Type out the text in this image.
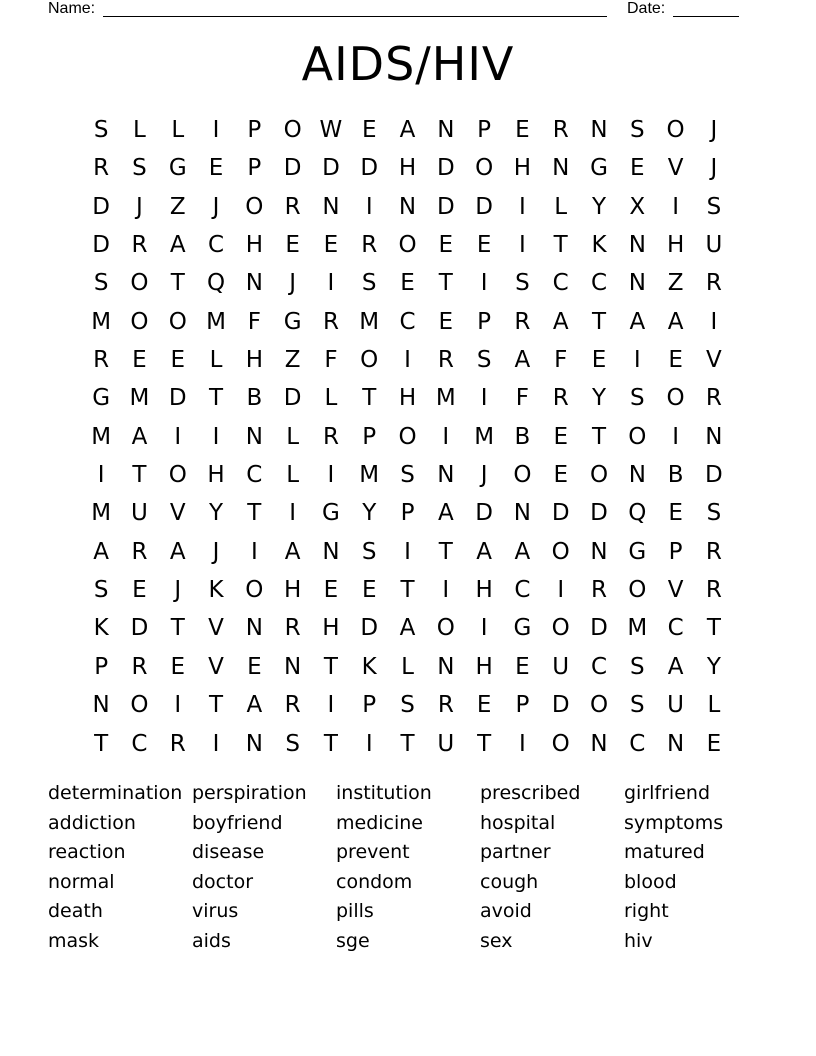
Name:	Date:
AIDS/HIV
S	L	L	I	P O W E	A N P	E	R N S O	J
R	S G E	P D D D H D O H N G E	V	J
D	J	Z	J	O R N	I	N D D	I	L	Y	X	I	S
D R A C H E	E	R O E	E	I	T	K N H U
S O T Q N	J	I	S	E	T	I	S C C N Z R
M O O M F G R M C	E	P	R A	T	A A	I
R	E	E	L	H Z	F O	I	R	S	A	F	E	I	E	V
G M D T	B D	L	T H M	I	F	R	Y	S O R
M A	I	I	N	L	R	P O	I	M B	E	T O	I	N
I	T O H C	L	I	M S N	J	O E O N B D
M U V	Y	T	I	G Y	P	A D N D D Q E	S
A R A	J	I	A N S	I	T	A A O N G P	R
S	E	J	K O H E	E	T	I	H C	I	R O V R
K D T	V N R H D A O	I	G O D M C	T
P	R	E	V	E N T	K	L	N H E U C S	A	Y
N O	I	T	A R	I	P	S	R	E	P D O S U	L
T	C R	I	N S	T	I	T U T	I	O N C N E
determination perspiration	institution	prescribed	girlfriend
addiction	boyfriend	medicine	hospital	symptoms
reaction	disease	prevent	partner	matured
normal	doctor	condom	cough	blood
death	virus	pills	avoid	right
mask	aids	sge	sex	hiv
